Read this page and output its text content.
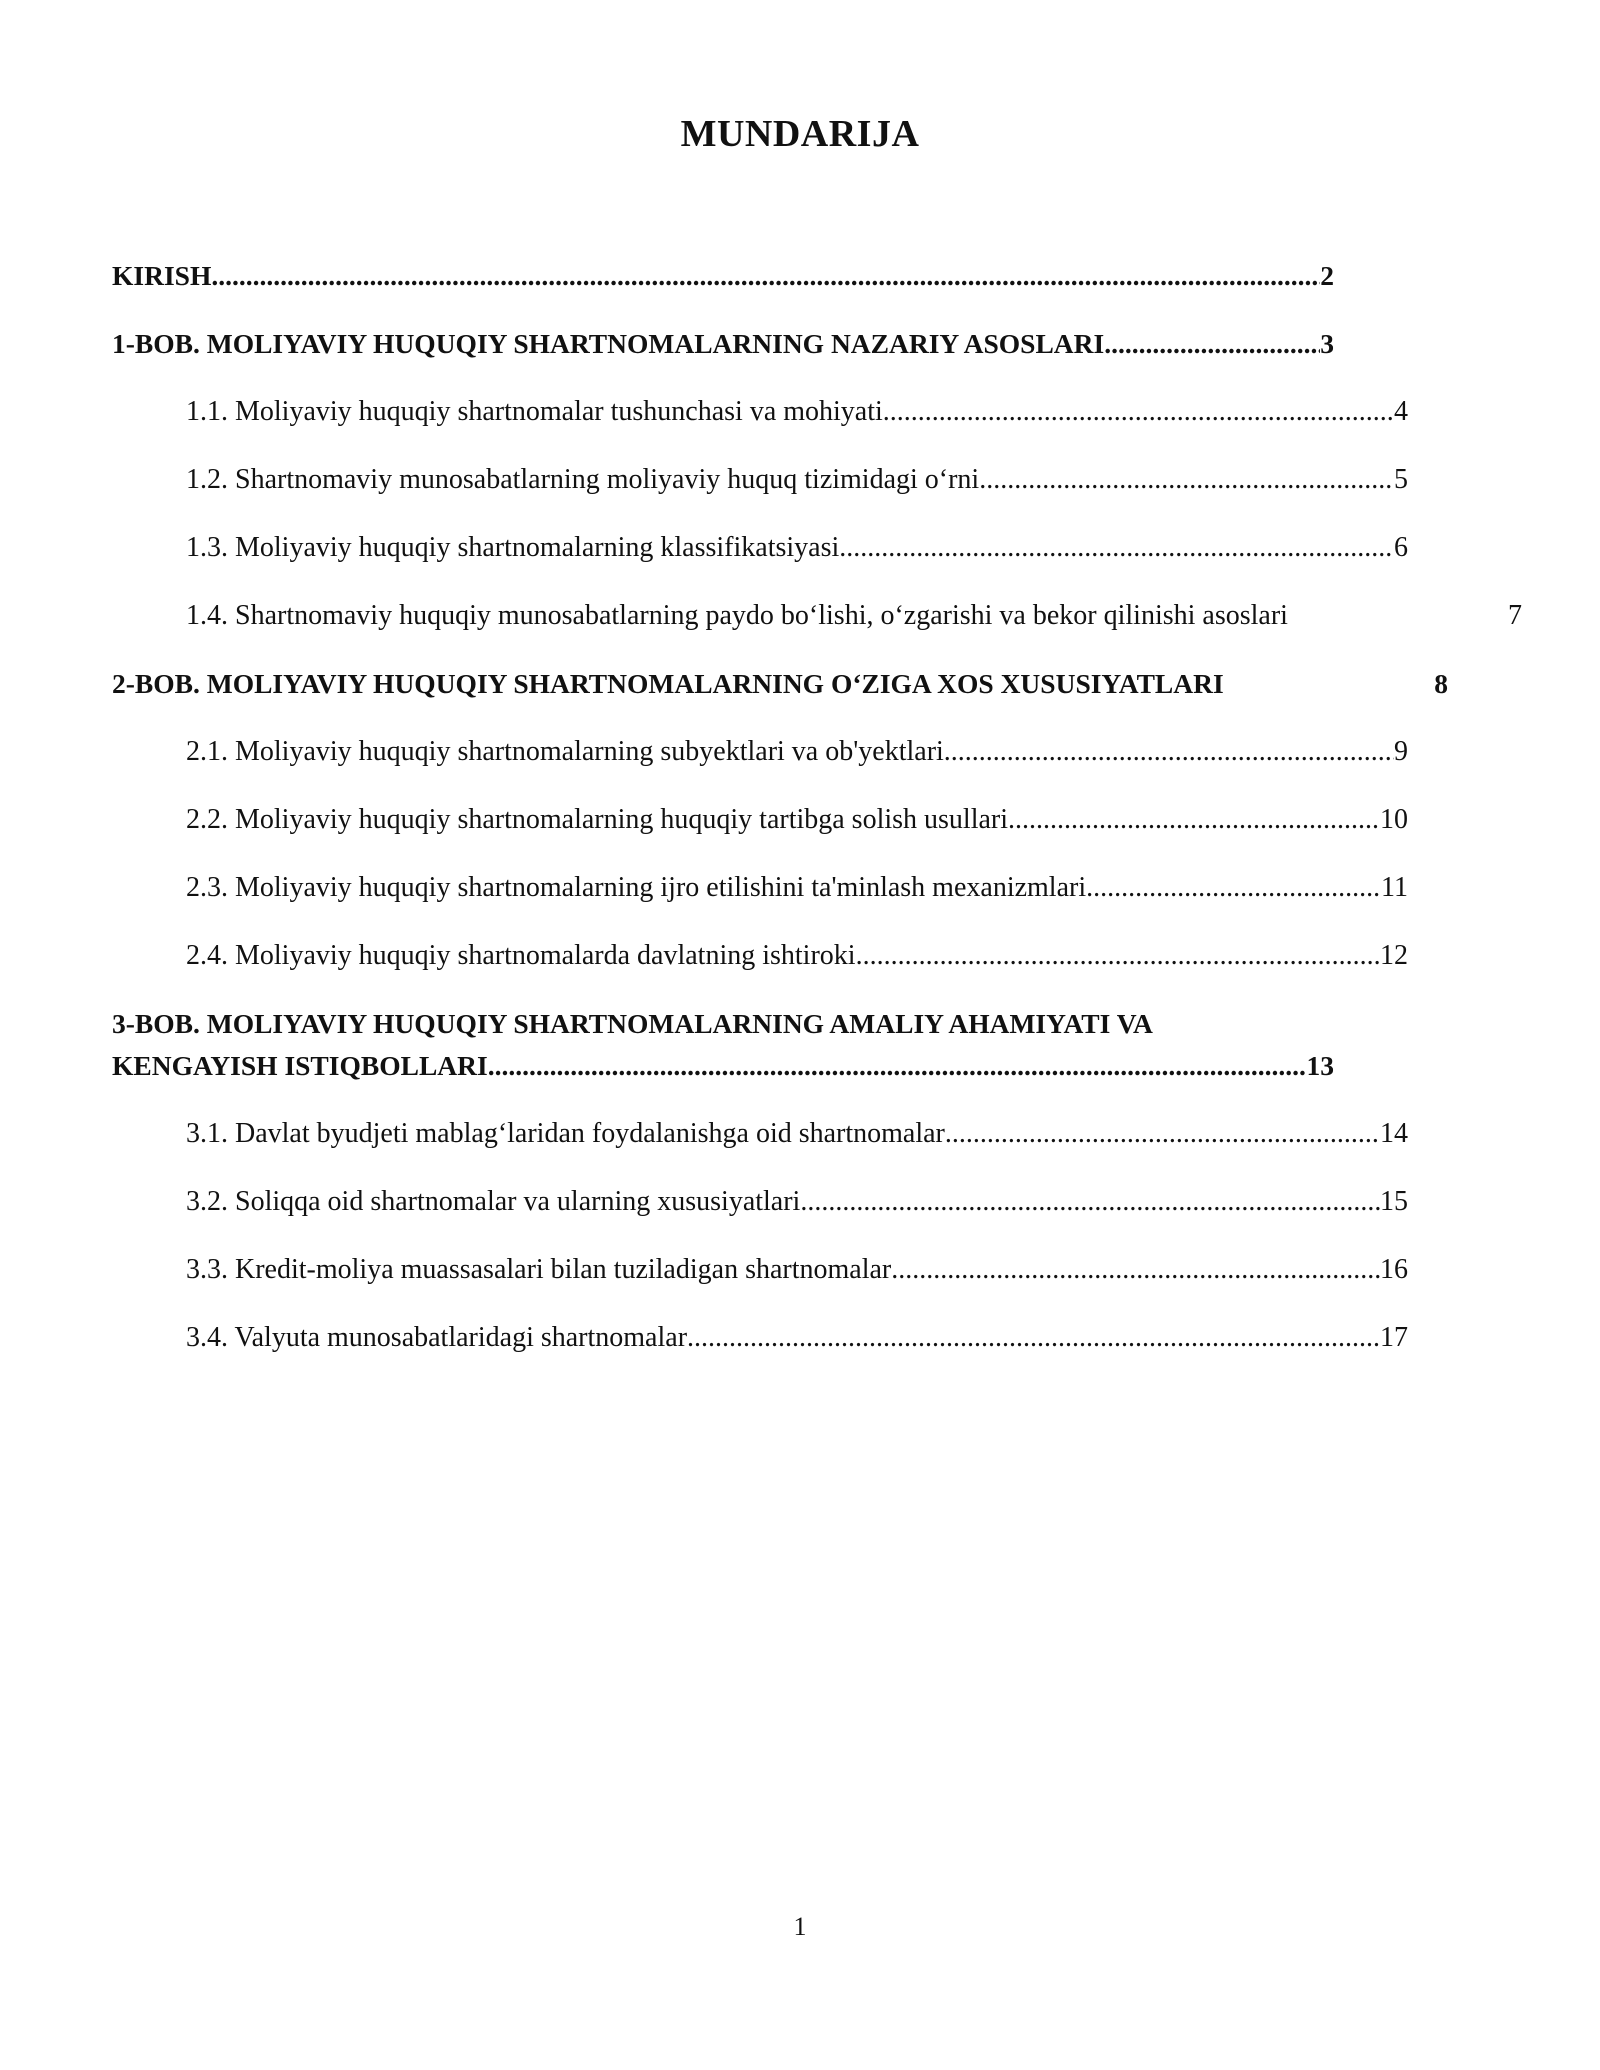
MUNDARIJA
KIRISH .....	2
1-BOB. MOLIYAVIY HUQUQIY SHARTNOMALARNING NAZARIY ASOSLARI .....	3
1.1. Moliyaviy huquqiy shartnomalar tushunchasi va mohiyati .....	4
1.2. Shartnomaviy munosabatlarning moliyaviy huquq tizimidagi o‘rni .....	5
1.3. Moliyaviy huquqiy shartnomalarning klassifikatsiyasi .....	6
1.4. Shartnomaviy huquqiy munosabatlarning paydo bo‘lishi, o‘zgarishi va bekor qilinishi asoslari	7
2-BOB. MOLIYAVIY HUQUQIY SHARTNOMALARNING O‘ZIGA XOS XUSUSIYATLARI	8
2.1. Moliyaviy huquqiy shartnomalarning subyektlari va ob'yektlari .....	9
2.2. Moliyaviy huquqiy shartnomalarning huquqiy tartibga solish usullari .....	10
2.3. Moliyaviy huquqiy shartnomalarning ijro etilishini ta'minlash mexanizmlari .....	11
2.4. Moliyaviy huquqiy shartnomalarda davlatning ishtiroki .....	12
3-BOB. MOLIYAVIY HUQUQIY SHARTNOMALARNING AMALIY AHAMIYATI VA
KENGAYISH ISTIQBOLLARI .....	13
3.1. Davlat byudjeti mablag‘laridan foydalanishga oid shartnomalar .....	14
3.2. Soliqqa oid shartnomalar va ularning xususiyatlari .....	15
3.3. Kredit-moliya muassasalari bilan tuziladigan shartnomalar .....	16
3.4. Valyuta munosabatlaridagi shartnomalar .....	17
1
